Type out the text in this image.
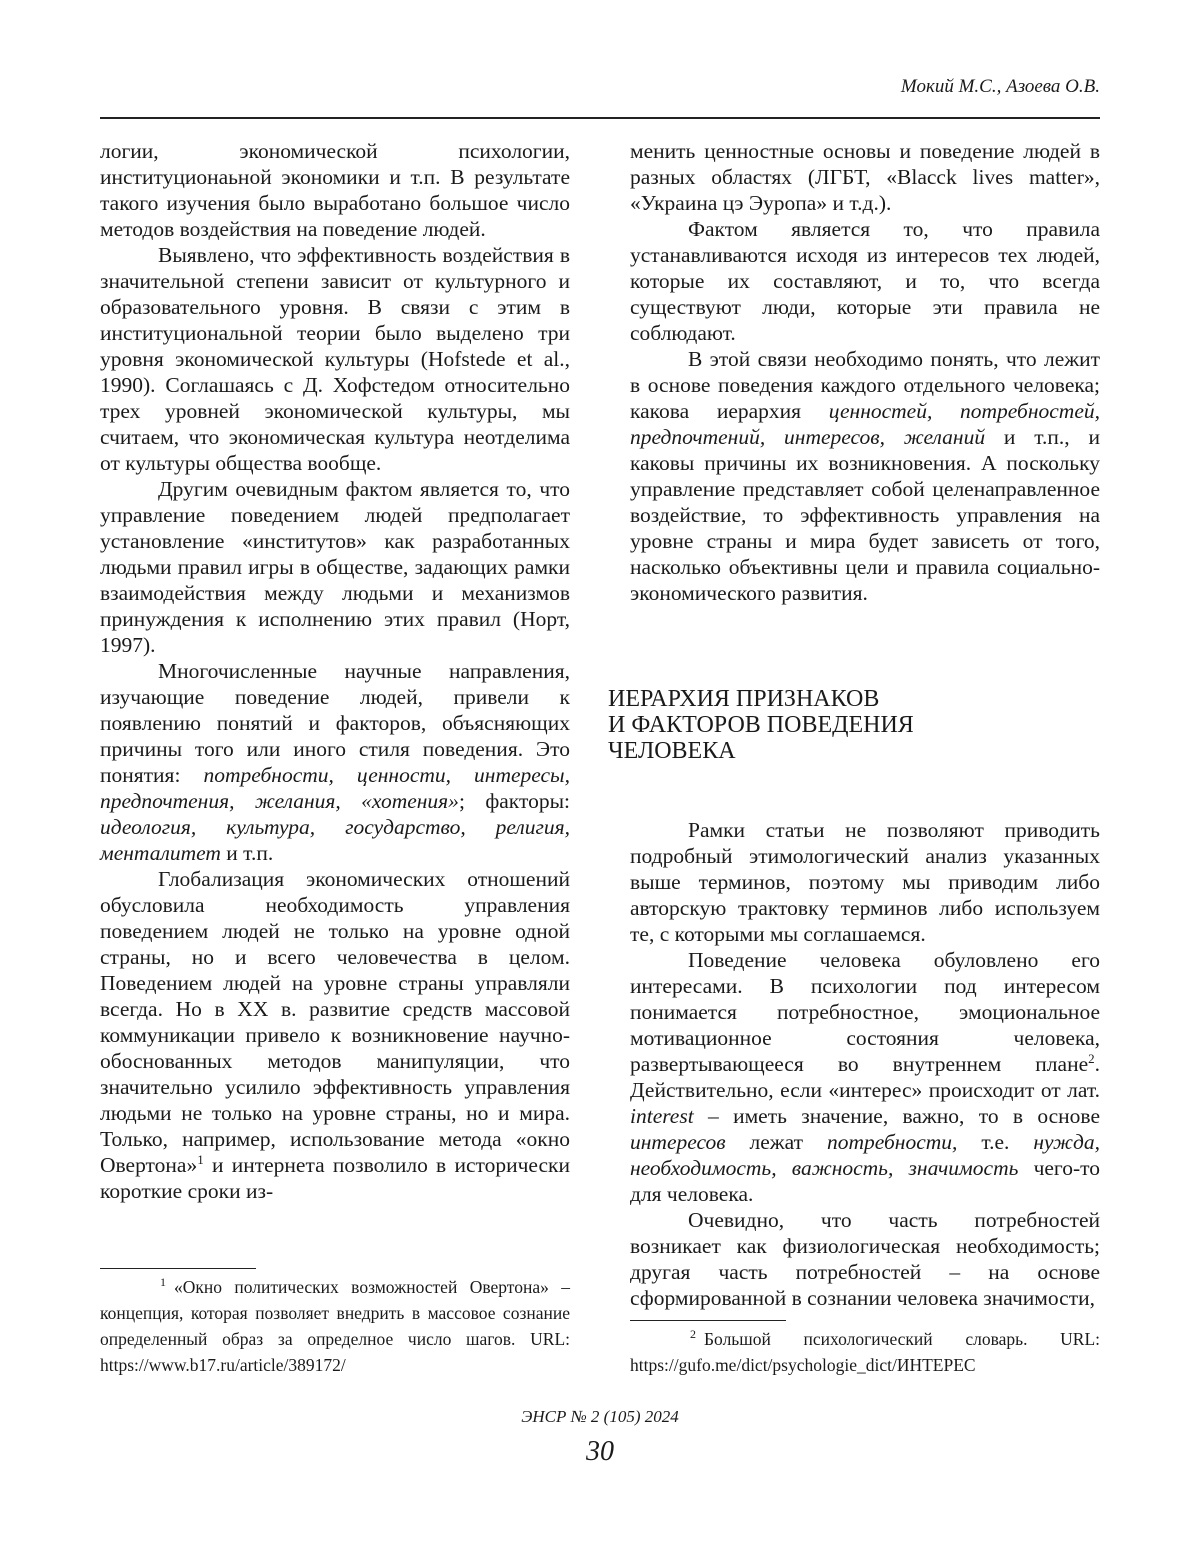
Мокий М.С., Азоева О.В.

логии, экономической психологии, институционаьной экономики и т.п. В результате такого изучения было выработано большое число методов воздействия на поведение людей.

Выявлено, что эффективность воздействия в значительной степени зависит от культурного и образовательного уровня. В связи с этим в институциональной теории было выделено три уровня экономической культуры (Hofstede et al., 1990). Соглашаясь с Д. Хофстедом относительно трех уровней экономической культуры, мы считаем, что экономическая культура неотделима от культуры общества вообще.

Другим очевидным фактом является то, что управление поведением людей предполагает установление «институтов» как разработанных людьми правил игры в обществе, задающих рамки взаимодействия между людьми и механизмов принуждения к исполнению этих правил (Норт, 1997).

Многочисленные научные направления, изучающие поведение людей, привели к появлению понятий и факторов, объясняющих причины того или иного стиля поведения. Это понятия: потребности, ценности, интересы, предпочтения, желания, «хотения»; факторы: идеология, культура, государство, религия, менталитет и т.п.

Глобализация экономических отношений обусловила необходимость управления поведением людей не только на уровне одной страны, но и всего человечества в целом. Поведением людей на уровне страны управляли всегда. Но в XX в. развитие средств массовой коммуникации привело к возникновение научно-обоснованных методов манипуляции, что значительно усилило эффективность управления людьми не только на уровне страны, но и мира. Только, например, использование метода «окно Овертона»$^1$ и интернета позволило в исторически короткие сроки из-

менить ценностные основы и поведение людей в разных областях (ЛГБТ, «Blacck lives matter», «Украина цэ Эуропа» и т.д.).

Фактом является то, что правила устанавливаются исходя из интересов тех людей, которые их составляют, и то, что всегда существуют люди, которые эти правила не соблюдают.

В этой связи необходимо понять, что лежит в основе поведения каждого отдельного человека; какова иерархия ценностей, потребностей, предпочтений, интересов, желаний и т.п., и каковы причины их возникновения. А поскольку управление представляет собой целенаправленное воздействие, то эффективность управления на уровне страны и мира будет зависеть от того, насколько объективны цели и правила социально-экономического развития.

ИЕРАРХИЯ ПРИЗНАКОВ
И ФАКТОРОВ ПОВЕДЕНИЯ
ЧЕЛОВЕКА

Рамки статьи не позволяют приводить подробный этимологический анализ указанных выше терминов, поэтому мы приводим либо авторскую трактовку терминов либо используем те, с которыми мы соглашаемся.

Поведение человека обуловлено его интересами. В психологии под интересом понимается потребностное, эмоциональное мотивационное состояния человека, развертывающееся во внутреннем плане$^2$. Действительно, если «интерес» происходит от лат. interest – иметь значение, важно, то в основе интересов лежат потребности, т.е. нужда, необходимость, важность, значимость чего-то для человека.

Очевидно, что часть потребностей возникает как физиологическая необходимость; другая часть потребностей – на основе сформированной в сознании человека значимости,

$^1$ «Окно политических возможностей Овертона» – концепция, которая позволяет внедрить в массовое сознание определенный образ за определное число шагов. URL: https://www.b17.ru/article/389172/
$^2$ Большой психологический словарь. URL: https://gufo.me/dict/psychologie_dict/ИНТЕРЕС
ЭНСР № 2 (105) 2024
30
